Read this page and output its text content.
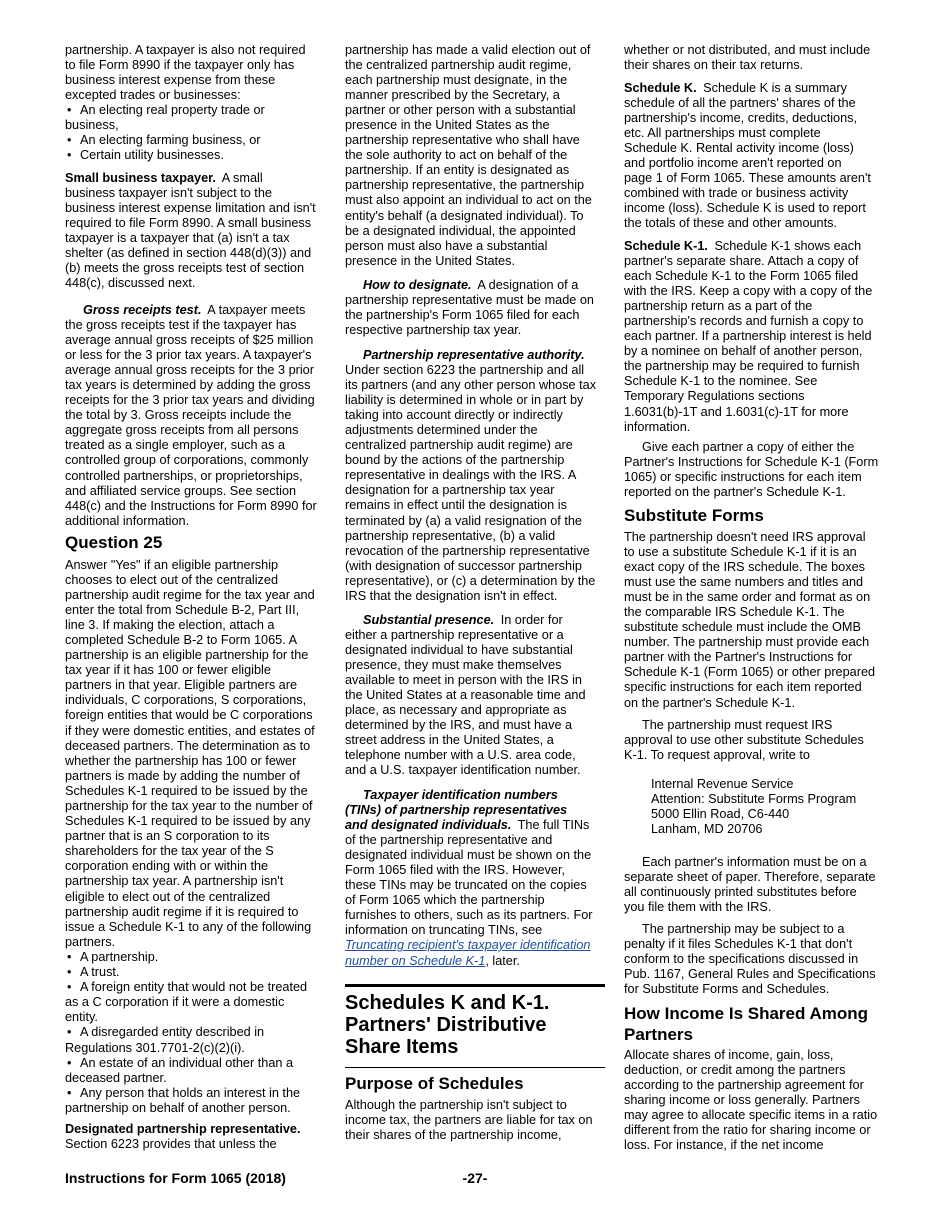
partnership. A taxpayer is also not required
to file Form 8990 if the taxpayer only has
business interest expense from these
excepted trades or businesses:
• An electing real property trade or
business,
• An electing farming business, or
• Certain utility businesses.
Small business taxpayer. A small
business taxpayer isn't subject to the
business interest expense limitation and isn't
required to file Form 8990. A small business
taxpayer is a taxpayer that (a) isn't a tax
shelter (as defined in section 448(d)(3)) and
(b) meets the gross receipts test of section
448(c), discussed next.
Gross receipts test. A taxpayer meets
the gross receipts test if the taxpayer has
average annual gross receipts of $25 million
or less for the 3 prior tax years. A taxpayer's
average annual gross receipts for the 3 prior
tax years is determined by adding the gross
receipts for the 3 prior tax years and dividing
the total by 3. Gross receipts include the
aggregate gross receipts from all persons
treated as a single employer, such as a
controlled group of corporations, commonly
controlled partnerships, or proprietorships,
and affiliated service groups. See section
448(c) and the Instructions for Form 8990 for
additional information.
Question 25
Answer "Yes" if an eligible partnership
chooses to elect out of the centralized
partnership audit regime for the tax year and
enter the total from Schedule B-2, Part III,
line 3. If making the election, attach a
completed Schedule B-2 to Form 1065. A
partnership is an eligible partnership for the
tax year if it has 100 or fewer eligible
partners in that year. Eligible partners are
individuals, C corporations, S corporations,
foreign entities that would be C corporations
if they were domestic entities, and estates of
deceased partners. The determination as to
whether the partnership has 100 or fewer
partners is made by adding the number of
Schedules K-1 required to be issued by the
partnership for the tax year to the number of
Schedules K-1 required to be issued by any
partner that is an S corporation to its
shareholders for the tax year of the S
corporation ending with or within the
partnership tax year. A partnership isn't
eligible to elect out of the centralized
partnership audit regime if it is required to
issue a Schedule K-1 to any of the following
partners.
• A partnership.
• A trust.
• A foreign entity that would not be treated
as a C corporation if it were a domestic
entity.
• A disregarded entity described in
Regulations 301.7701-2(c)(2)(i).
• An estate of an individual other than a
deceased partner.
• Any person that holds an interest in the
partnership on behalf of another person.
Designated partnership representative.
Section 6223 provides that unless the
partnership has made a valid election out of
the centralized partnership audit regime,
each partnership must designate, in the
manner prescribed by the Secretary, a
partner or other person with a substantial
presence in the United States as the
partnership representative who shall have
the sole authority to act on behalf of the
partnership. If an entity is designated as
partnership representative, the partnership
must also appoint an individual to act on the
entity's behalf (a designated individual). To
be a designated individual, the appointed
person must also have a substantial
presence in the United States.
How to designate. A designation of a
partnership representative must be made on
the partnership's Form 1065 filed for each
respective partnership tax year.
Partnership representative authority.
Under section 6223 the partnership and all
its partners (and any other person whose tax
liability is determined in whole or in part by
taking into account directly or indirectly
adjustments determined under the
centralized partnership audit regime) are
bound by the actions of the partnership
representative in dealings with the IRS. A
designation for a partnership tax year
remains in effect until the designation is
terminated by (a) a valid resignation of the
partnership representative, (b) a valid
revocation of the partnership representative
(with designation of successor partnership
representative), or (c) a determination by the
IRS that the designation isn't in effect.
Substantial presence. In order for
either a partnership representative or a
designated individual to have substantial
presence, they must make themselves
available to meet in person with the IRS in
the United States at a reasonable time and
place, as necessary and appropriate as
determined by the IRS, and must have a
street address in the United States, a
telephone number with a U.S. area code,
and a U.S. taxpayer identification number.
Taxpayer identification numbers
(TINs) of partnership representatives
and designated individuals. The full TINs
of the partnership representative and
designated individual must be shown on the
Form 1065 filed with the IRS. However,
these TINs may be truncated on the copies
of Form 1065 which the partnership
furnishes to others, such as its partners. For
information on truncating TINs, see
Truncating recipient's taxpayer identification
number on Schedule K-1, later.
Schedules K and K-1.
Partners' Distributive
Share Items
Purpose of Schedules
Although the partnership isn't subject to
income tax, the partners are liable for tax on
their shares of the partnership income,
whether or not distributed, and must include
their shares on their tax returns.
Schedule K. Schedule K is a summary
schedule of all the partners' shares of the
partnership's income, credits, deductions,
etc. All partnerships must complete
Schedule K. Rental activity income (loss)
and portfolio income aren't reported on
page 1 of Form 1065. These amounts aren't
combined with trade or business activity
income (loss). Schedule K is used to report
the totals of these and other amounts.
Schedule K-1. Schedule K-1 shows each
partner's separate share. Attach a copy of
each Schedule K-1 to the Form 1065 filed
with the IRS. Keep a copy with a copy of the
partnership return as a part of the
partnership's records and furnish a copy to
each partner. If a partnership interest is held
by a nominee on behalf of another person,
the partnership may be required to furnish
Schedule K-1 to the nominee. See
Temporary Regulations sections
1.6031(b)-1T and 1.6031(c)-1T for more
information.
Give each partner a copy of either the
Partner's Instructions for Schedule K-1 (Form
1065) or specific instructions for each item
reported on the partner's Schedule K-1.
Substitute Forms
The partnership doesn't need IRS approval
to use a substitute Schedule K-1 if it is an
exact copy of the IRS schedule. The boxes
must use the same numbers and titles and
must be in the same order and format as on
the comparable IRS Schedule K-1. The
substitute schedule must include the OMB
number. The partnership must provide each
partner with the Partner's Instructions for
Schedule K-1 (Form 1065) or other prepared
specific instructions for each item reported
on the partner's Schedule K-1.
The partnership must request IRS
approval to use other substitute Schedules
K-1. To request approval, write to
Internal Revenue Service
Attention: Substitute Forms Program
5000 Ellin Road, C6-440
Lanham, MD 20706
Each partner's information must be on a
separate sheet of paper. Therefore, separate
all continuously printed substitutes before
you file them with the IRS.
The partnership may be subject to a
penalty if it files Schedules K-1 that don't
conform to the specifications discussed in
Pub. 1167, General Rules and Specifications
for Substitute Forms and Schedules.
How Income Is Shared Among
Partners
Allocate shares of income, gain, loss,
deduction, or credit among the partners
according to the partnership agreement for
sharing income or loss generally. Partners
may agree to allocate specific items in a ratio
different from the ratio for sharing income or
loss. For instance, if the net income
Instructions for Form 1065 (2018)	-27-
